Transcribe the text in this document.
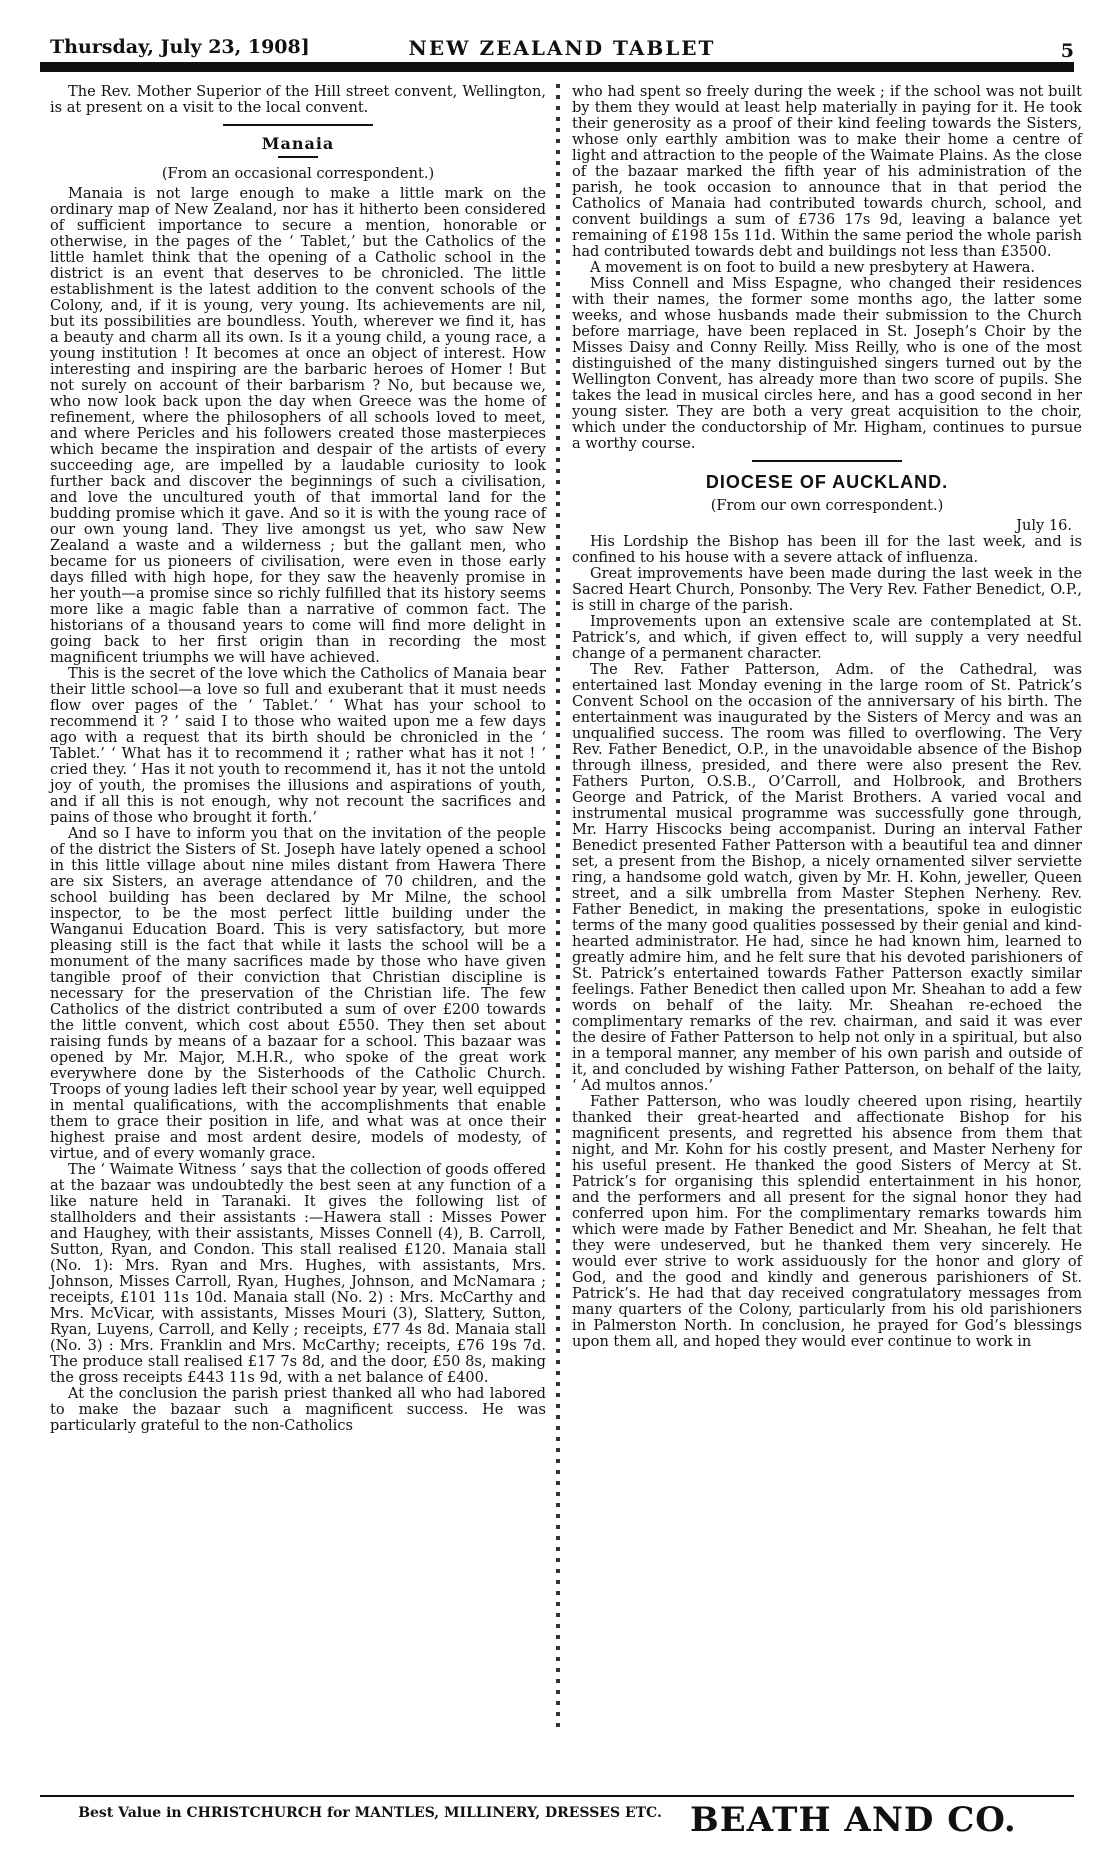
Thursday, July 23, 1908]	NEW ZEALAND TABLET	5

The Rev. Mother Superior of the Hill street convent, Wellington, is at present on a visit to the local convent.

Manaia
(From an occasional correspondent.)

Manaia is not large enough to make a little mark on the ordinary map of New Zealand, nor has it hitherto been considered of sufficient importance to secure a mention, honorable or otherwise, in the pages of the ‘ Tablet,’ but the Catholics of the little hamlet think that the opening of a Catholic school in the district is an event that deserves to be chronicled. The little establishment is the latest addition to the convent schools of the Colony, and, if it is young, very young. Its achievements are nil, but its possibilities are boundless. Youth, wherever we find it, has a beauty and charm all its own. Is it a young child, a young race, a young institution ! It becomes at once an object of interest. How interesting and inspiring are the barbaric heroes of Homer ! But not surely on account of their barbarism ? No, but because we, who now look back upon the day when Greece was the home of refinement, where the philosophers of all schools loved to meet, and where Pericles and his followers created those masterpieces which became the inspiration and despair of the artists of every succeeding age, are impelled by a laudable curiosity to look further back and discover the beginnings of such a civilisation, and love the uncultured youth of that immortal land for the budding promise which it gave. And so it is with the young race of our own young land. They live amongst us yet, who saw New Zealand a waste and a wilderness ; but the gallant men, who became for us pioneers of civilisation, were even in those early days filled with high hope, for they saw the heavenly promise in her youth—a promise since so richly fulfilled that its history seems more like a magic fable than a narrative of common fact. The historians of a thousand years to come will find more delight in going back to her first origin than in recording the most magnificent triumphs we will have achieved.

This is the secret of the love which the Catholics of Manaia bear their little school—a love so full and exuberant that it must needs flow over pages of the ‘ Tablet.’ ‘ What has your school to recommend it ? ’ said I to those who waited upon me a few days ago with a request that its birth should be chronicled in the ‘ Tablet.’ ‘ What has it to recommend it ; rather what has it not ! ’ cried they. ‘ Has it not youth to recommend it, has it not the untold joy of youth, the promises the illusions and aspirations of youth, and if all this is not enough, why not recount the sacrifices and pains of those who brought it forth.’

And so I have to inform you that on the invitation of the people of the district the Sisters of St. Joseph have lately opened a school in this little village about nine miles distant from Hawera There are six Sisters, an average attendance of 70 children, and the school building has been declared by Mr Milne, the school inspector, to be the most perfect little building under the Wanganui Education Board. This is very satisfactory, but more pleasing still is the fact that while it lasts the school will be a monument of the many sacrifices made by those who have given tangible proof of their conviction that Christian discipline is necessary for the preservation of the Christian life. The few Catholics of the district contributed a sum of over £200 towards the little convent, which cost about £550. They then set about raising funds by means of a bazaar for a school. This bazaar was opened by Mr. Major, M.H.R., who spoke of the great work everywhere done by the Sisterhoods of the Catholic Church. Troops of young ladies left their school year by year, well equipped in mental qualifications, with the accomplishments that enable them to grace their position in life, and what was at once their highest praise and most ardent desire, models of modesty, of virtue, and of every womanly grace.

The ‘ Waimate Witness ’ says that the collection of goods offered at the bazaar was undoubtedly the best seen at any function of a like nature held in Taranaki. It gives the following list of stallholders and their assistants :—Hawera stall : Misses Power and Haughey, with their assistants, Misses Connell (4), B. Carroll, Sutton, Ryan, and Condon. This stall realised £120. Manaia stall (No. 1): Mrs. Ryan and Mrs. Hughes, with assistants, Mrs. Johnson, Misses Carroll, Ryan, Hughes, Johnson, and McNamara ; receipts, £101 11s 10d. Manaia stall (No. 2) : Mrs. McCarthy and Mrs. McVicar, with assistants, Misses Mouri (3), Slattery, Sutton, Ryan, Luyens, Carroll, and Kelly ; receipts, £77 4s 8d. Manaia stall (No. 3) : Mrs. Franklin and Mrs. McCarthy; receipts, £76 19s 7d. The produce stall realised £17 7s 8d, and the door, £50 8s, making the gross receipts £443 11s 9d, with a net balance of £400.

At the conclusion the parish priest thanked all who had labored to make the bazaar such a magnificent success. He was particularly grateful to the non-Catholics

who had spent so freely during the week ; if the school was not built by them they would at least help materially in paying for it. He took their generosity as a proof of their kind feeling towards the Sisters, whose only earthly ambition was to make their home a centre of light and attraction to the people of the Waimate Plains. As the close of the bazaar marked the fifth year of his administration of the parish, he took occasion to announce that in that period the Catholics of Manaia had contributed towards church, school, and convent buildings a sum of £736 17s 9d, leaving a balance yet remaining of £198 15s 11d. Within the same period the whole parish had contributed towards debt and buildings not less than £3500.

A movement is on foot to build a new presbytery at Hawera.

Miss Connell and Miss Espagne, who changed their residences with their names, the former some months ago, the latter some weeks, and whose husbands made their submission to the Church before marriage, have been replaced in St. Joseph’s Choir by the Misses Daisy and Conny Reilly. Miss Reilly, who is one of the most distinguished of the many distinguished singers turned out by the Wellington Convent, has already more than two score of pupils. She takes the lead in musical circles here, and has a good second in her young sister. They are both a very great acquisition to the choir, which under the conductorship of Mr. Higham, continues to pursue a worthy course.

DIOCESE OF AUCKLAND.
(From our own correspondent.)
July 16.

His Lordship the Bishop has been ill for the last week, and is confined to his house with a severe attack of influenza.

Great improvements have been made during the last week in the Sacred Heart Church, Ponsonby. The Very Rev. Father Benedict, O.P., is still in charge of the parish.

Improvements upon an extensive scale are contemplated at St. Patrick’s, and which, if given effect to, will supply a very needful change of a permanent character.

The Rev. Father Patterson, Adm. of the Cathedral, was entertained last Monday evening in the large room of St. Patrick’s Convent School on the occasion of the anniversary of his birth. The entertainment was inaugurated by the Sisters of Mercy and was an unqualified success. The room was filled to overflowing. The Very Rev. Father Benedict, O.P., in the unavoidable absence of the Bishop through illness, presided, and there were also present the Rev. Fathers Purton, O.S.B., O’Carroll, and Holbrook, and Brothers George and Patrick, of the Marist Brothers. A varied vocal and instrumental musical programme was successfully gone through, Mr. Harry Hiscocks being accompanist. During an interval Father Benedict presented Father Patterson with a beautiful tea and dinner set, a present from the Bishop, a nicely ornamented silver serviette ring, a handsome gold watch, given by Mr. H. Kohn, jeweller, Queen street, and a silk umbrella from Master Stephen Nerheny. Rev. Father Benedict, in making the presentations, spoke in eulogistic terms of the many good qualities possessed by their genial and kind-hearted administrator. He had, since he had known him, learned to greatly admire him, and he felt sure that his devoted parishioners of St. Patrick’s entertained towards Father Patterson exactly similar feelings. Father Benedict then called upon Mr. Sheahan to add a few words on behalf of the laity. Mr. Sheahan re-echoed the complimentary remarks of the rev. chairman, and said it was ever the desire of Father Patterson to help not only in a spiritual, but also in a temporal manner, any member of his own parish and outside of it, and concluded by wishing Father Patterson, on behalf of the laity, ‘ Ad multos annos.’

Father Patterson, who was loudly cheered upon rising, heartily thanked their great-hearted and affectionate Bishop for his magnificent presents, and regretted his absence from them that night, and Mr. Kohn for his costly present, and Master Nerheny for his useful present. He thanked the good Sisters of Mercy at St. Patrick’s for organising this splendid entertainment in his honor, and the performers and all present for the signal honor they had conferred upon him. For the complimentary remarks towards him which were made by Father Benedict and Mr. Sheahan, he felt that they were undeserved, but he thanked them very sincerely. He would ever strive to work assiduously for the honor and glory of God, and the good and kindly and generous parishioners of St. Patrick’s. He had that day received congratulatory messages from many quarters of the Colony, particularly from his old parishioners in Palmerston North. In conclusion, he prayed for God’s blessings upon them all, and hoped they would ever continue to work in

Best Value in CHRISTCHURCH for MANTLES, MILLINERY, DRESSES ETC. BEATH AND CO.
